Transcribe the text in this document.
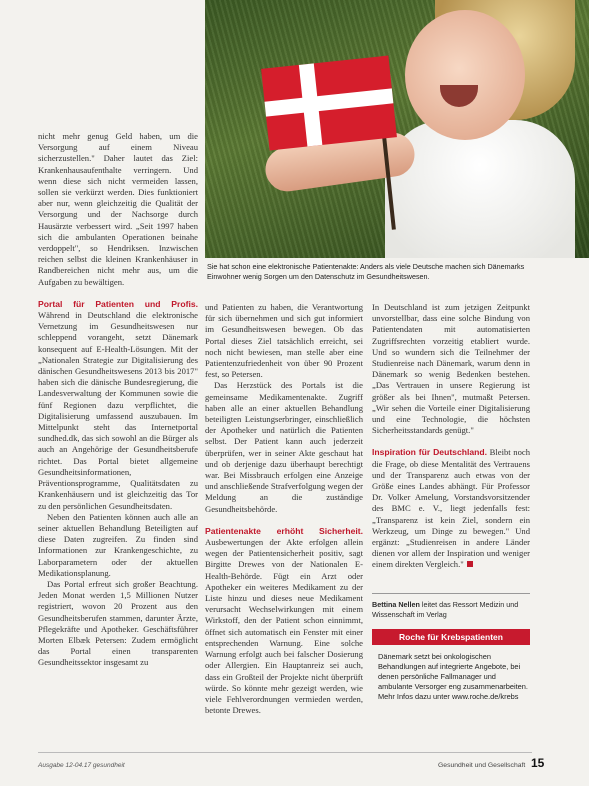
Sie hat schon eine elektronische Patientenakte: Anders als viele Deutsche machen sich Dänemarks Einwohner wenig Sorgen um den Datenschutz im Gesundheitswesen.

nicht mehr genug Geld haben, um die Versorgung auf einem Niveau sicherzustellen." Daher lautet das Ziel: Krankenhausaufenthalte verringern. Und wenn diese sich nicht vermeiden lassen, sollen sie verkürzt werden. Dies funktioniert aber nur, wenn gleichzeitig die Qualität der Versorgung und der Nachsorge durch Hausärzte verbessert wird. „Seit 1997 haben sich die ambulanten Operationen beinahe verdoppelt", so Hendriksen. Inzwischen reichen selbst die kleinen Krankenhäuser in Randbereichen nicht mehr aus, um die Aufgaben zu bewältigen.

Portal für Patienten und Profis. Während in Deutschland die elektronische Vernetzung im Gesundheitswesen nur schleppend vorangeht, setzt Dänemark konsequent auf E-Health-Lösungen. Mit der „Nationalen Strategie zur Digitalisierung des dänischen Gesundheitswesens 2013 bis 2017" haben sich die dänische Bundesregierung, die Landesverwaltung der Kommunen sowie die fünf Regionen dazu verpflichtet, die Digitalisierung umfassend auszubauen. Im Mittelpunkt steht das Internetportal sundhed.dk, das sich sowohl an die Bürger als auch an Angehörige der Gesundheitsberufe richtet. Das Portal bietet allgemeine Gesundheitsinformationen, Präventionsprogramme, Qualitätsdaten zu Krankenhäusern und ist gleichzeitig das Tor zu den persönlichen Gesundheitsdaten.

Neben den Patienten können auch alle an seiner aktuellen Behandlung Beteiligten auf diese Daten zugreifen. Zu finden sind Informationen zur Krankengeschichte, zu Laborparametern oder der aktuellen Medikationsplanung.

Das Portal erfreut sich großer Beachtung. Jeden Monat werden 1,5 Millionen Nutzer registriert, wovon 20 Prozent aus den Gesundheitsberufen stammen, darunter Ärzte, Pflegekräfte und Apotheker. Geschäftsführer Morten Elbæk Petersen: Zudem ermöglicht das Portal einen transparenten Gesundheitssektor insgesamt zu

und Patienten zu haben, die Verantwortung für sich übernehmen und sich gut informiert im Gesundheitswesen bewegen. Ob das Portal dieses Ziel tatsächlich erreicht, sei noch nicht bewiesen, man stelle aber eine Patientenzufriedenheit von über 90 Prozent fest, so Petersen.

Das Herzstück des Portals ist die gemeinsame Medikamentenakte. Zugriff haben alle an einer aktuellen Behandlung beteiligten Leistungserbringer, einschließlich der Apotheker und natürlich die Patienten selbst. Der Patient kann auch jederzeit überprüfen, wer in seiner Akte geschaut hat und ob derjenige dazu überhaupt berechtigt war. Bei Missbrauch erfolgen eine Anzeige und anschließende Strafverfolgung wegen der Meldung an die zuständige Gesundheitsbehörde.

Patientenakte erhöht Sicherheit. Ausbewertungen der Akte erfolgen allein wegen der Patientensicherheit positiv, sagt Birgitte Drewes von der Nationalen E-Health-Behörde. Fügt ein Arzt oder Apotheker ein weiteres Medikament zu der Liste hinzu und dieses neue Medikament verursacht Wechselwirkungen mit einem Wirkstoff, den der Patient schon einnimmt, öffnet sich automatisch ein Fenster mit einer entsprechenden Warnung. Eine solche Warnung erfolgt auch bei falscher Dosierung oder Allergien. Ein Hauptanreiz sei auch, dass ein Großteil der Projekte nicht überprüft würde. So könnte mehr gezeigt werden, wie viele Fehlverordnungen vermieden werden, betonte Drewes.

In Deutschland ist zum jetzigen Zeitpunkt unvorstellbar, dass eine solche Bindung von Patientendaten mit automatisierten Zugriffsrechten vorzeitig etabliert wurde. Und so wundern sich die Teilnehmer der Studienreise nach Dänemark, warum denn in Dänemark so wenig Bedenken bestehen. „Das Vertrauen in unsere Regierung ist größer als bei Ihnen", mutmaßt Petersen. „Wir sehen die Vorteile einer Digitalisierung und eine Technologie, die höchsten Sicherheitsstandards genügt."

Inspiration für Deutschland. Bleibt noch die Frage, ob diese Mentalität des Vertrauens und der Transparenz auch etwas von der Größe eines Landes abhängt. Für Professor Dr. Volker Amelung, Vorstandsvorsitzender des BMC e. V., liegt jedenfalls fest: „Transparenz ist kein Ziel, sondern ein Werkzeug, um Dinge zu bewegen." Und ergänzt: „Studienreisen in andere Länder dienen vor allem der Inspiration und weniger einem direkten Vergleich."

Bettina Nellen leitet das Ressort Medizin und Wissenschaft im Verlag
Roche für Krebspatienten
Dänemark setzt bei onkologischen Behandlungen auf integrierte Angebote, bei denen persönliche Fallmanager und ambulante Versorger eng zusammenarbeiten. Mehr Infos dazu unter www.roche.de/krebs
Ausgabe 12-04.17 gesundheit	Gesundheit und Gesellschaft 15
